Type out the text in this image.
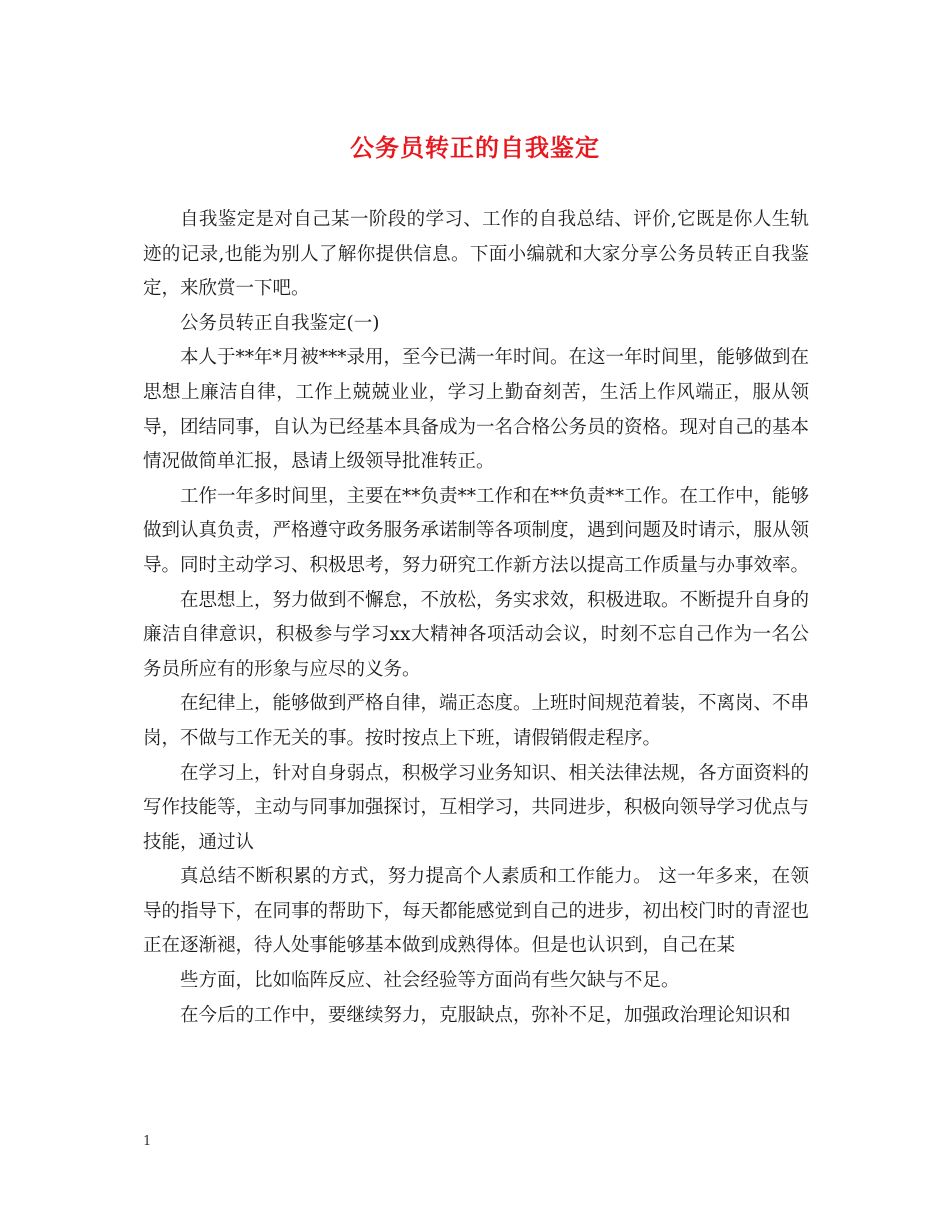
公务员转正的自我鉴定

自我鉴定是对自己某一阶段的学习、工作的自我总结、评价,它既是你人生轨迹的记录,也能为别人了解你提供信息。下面小编就和大家分享公务员转正自我鉴定，来欣赏一下吧。

公务员转正自我鉴定(一)

本人于**年*月被***录用，至今已满一年时间。在这一年时间里，能够做到在思想上廉洁自律，工作上兢兢业业，学习上勤奋刻苦，生活上作风端正，服从领导，团结同事，自认为已经基本具备成为一名合格公务员的资格。现对自己的基本情况做简单汇报，恳请上级领导批准转正。

工作一年多时间里，主要在**负责**工作和在**负责**工作。在工作中，能够做到认真负责，严格遵守政务服务承诺制等各项制度，遇到问题及时请示，服从领导。同时主动学习、积极思考，努力研究工作新方法以提高工作质量与办事效率。

在思想上，努力做到不懈怠，不放松，务实求效，积极进取。不断提升自身的廉洁自律意识，积极参与学习xx大精神各项活动会议，时刻不忘自己作为一名公务员所应有的形象与应尽的义务。

在纪律上，能够做到严格自律，端正态度。上班时间规范着装，不离岗、不串岗，不做与工作无关的事。按时按点上下班，请假销假走程序。

在学习上，针对自身弱点，积极学习业务知识、相关法律法规，各方面资料的写作技能等，主动与同事加强探讨，互相学习，共同进步，积极向领导学习优点与技能，通过认

真总结不断积累的方式，努力提高个人素质和工作能力。 这一年多来，在领导的指导下，在同事的帮助下，每天都能感觉到自己的进步，初出校门时的青涩也正在逐渐褪，待人处事能够基本做到成熟得体。但是也认识到，自己在某

些方面，比如临阵反应、社会经验等方面尚有些欠缺与不足。

在今后的工作中，要继续努力，克服缺点，弥补不足，加强政治理论知识和

1
